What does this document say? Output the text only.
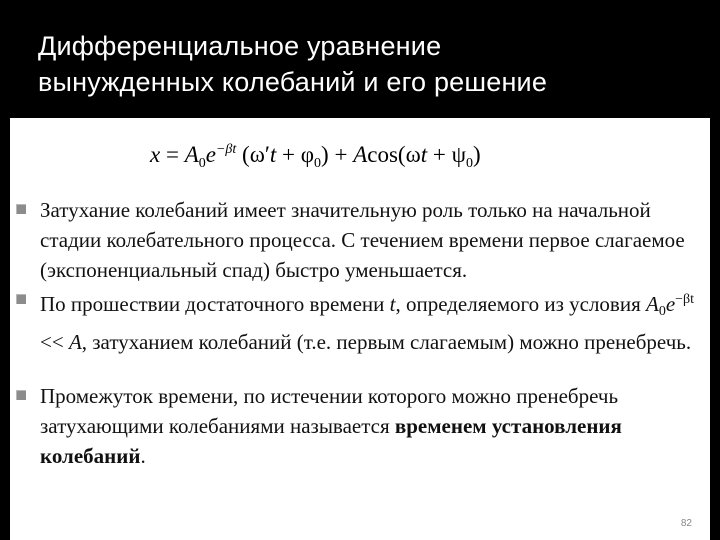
Дифференциальное уравнение
вынужденных колебаний и его решение
$x = A_0e^{-\beta t}$ $(\omega't + \varphi_0) + Acos(\omega t + \psi_0)$
Затухание колебаний имеет значительную роль только на начальной стадии колебательного процесса. С течением времени первое слагаемое (экспоненциальный спад) быстро уменьшается.
По прошествии достаточного времени t, определяемого из условия $A_0e^{-\beta t} << A$, затуханием колебаний (т.е. первым слагаемым) можно пренебречь.
Промежуток времени, по истечении которого можно пренебречь затухающими колебаниями называется временем установления колебаний.
82
